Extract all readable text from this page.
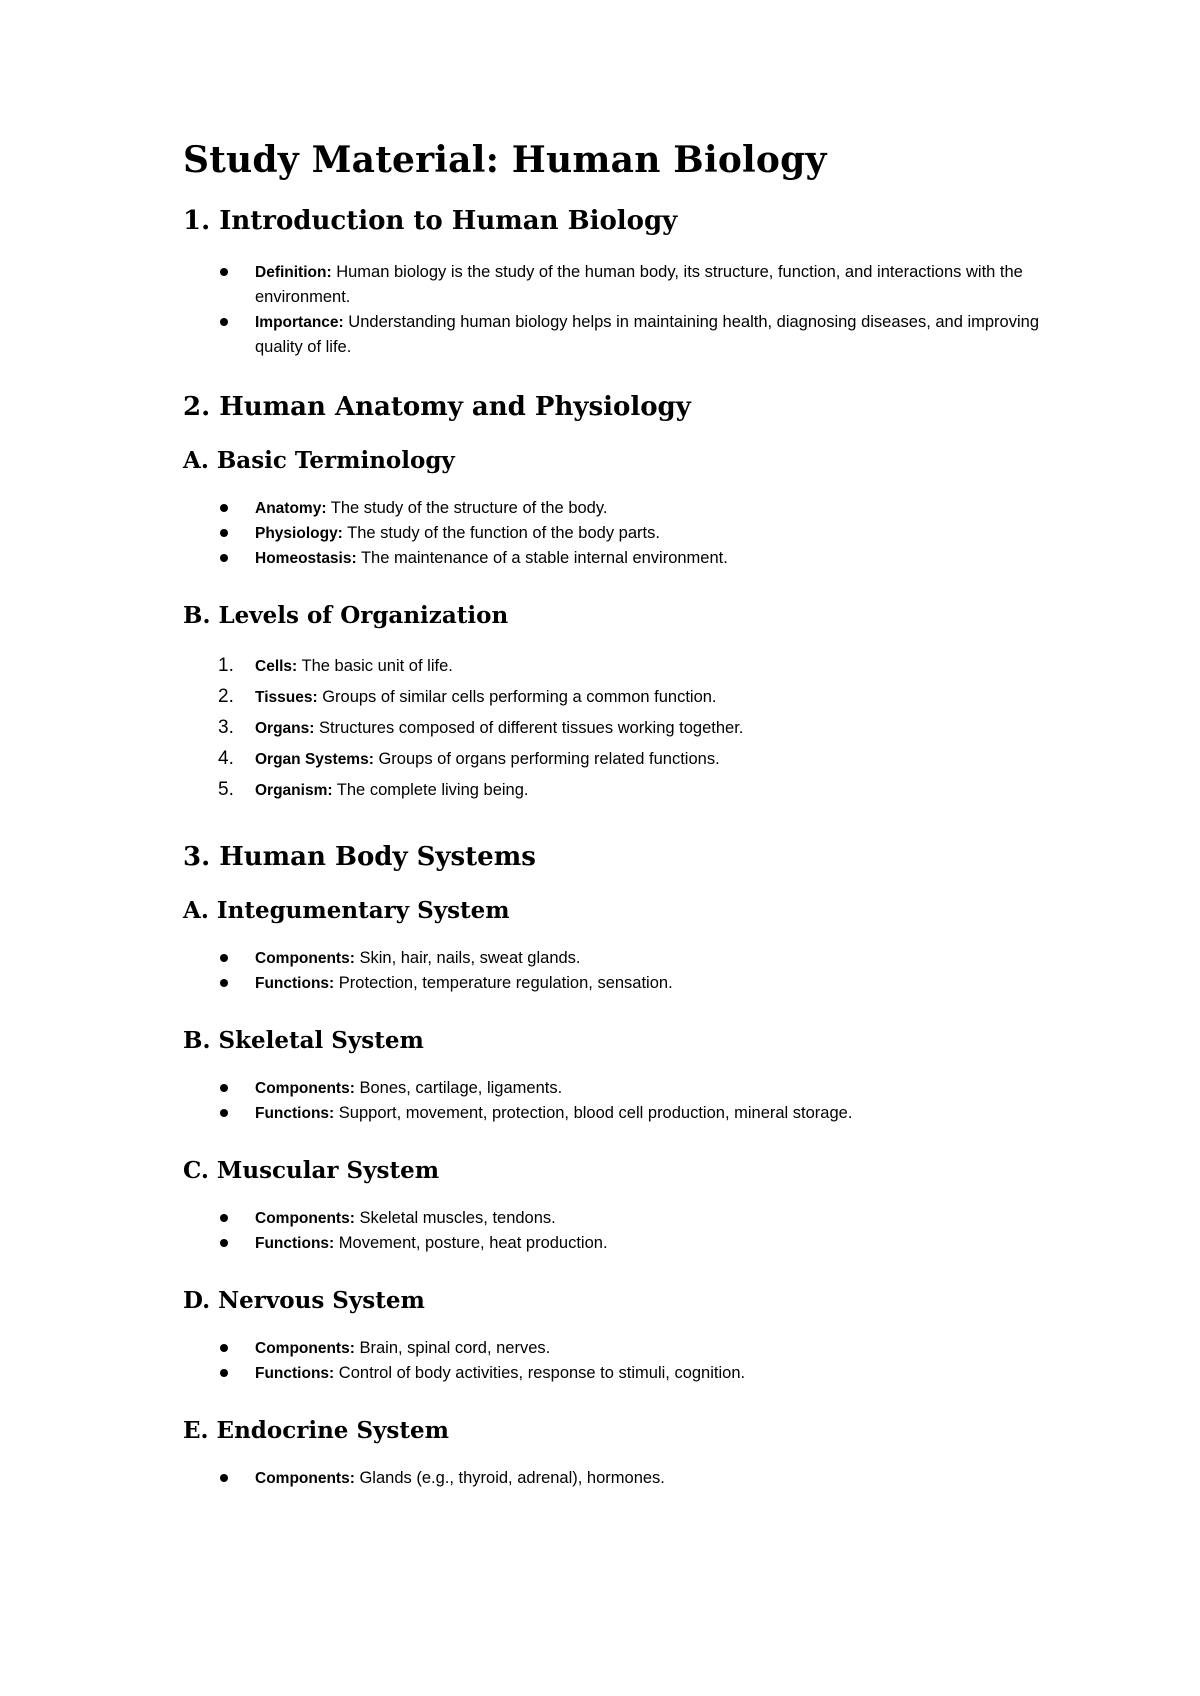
Study Material: Human Biology
1. Introduction to Human Biology
Definition: Human biology is the study of the human body, its structure, function, and interactions with the environment.
Importance: Understanding human biology helps in maintaining health, diagnosing diseases, and improving quality of life.
2. Human Anatomy and Physiology
A. Basic Terminology
Anatomy: The study of the structure of the body.
Physiology: The study of the function of the body parts.
Homeostasis: The maintenance of a stable internal environment.
B. Levels of Organization
1. Cells: The basic unit of life.
2. Tissues: Groups of similar cells performing a common function.
3. Organs: Structures composed of different tissues working together.
4. Organ Systems: Groups of organs performing related functions.
5. Organism: The complete living being.
3. Human Body Systems
A. Integumentary System
Components: Skin, hair, nails, sweat glands.
Functions: Protection, temperature regulation, sensation.
B. Skeletal System
Components: Bones, cartilage, ligaments.
Functions: Support, movement, protection, blood cell production, mineral storage.
C. Muscular System
Components: Skeletal muscles, tendons.
Functions: Movement, posture, heat production.
D. Nervous System
Components: Brain, spinal cord, nerves.
Functions: Control of body activities, response to stimuli, cognition.
E. Endocrine System
Components: Glands (e.g., thyroid, adrenal), hormones.
